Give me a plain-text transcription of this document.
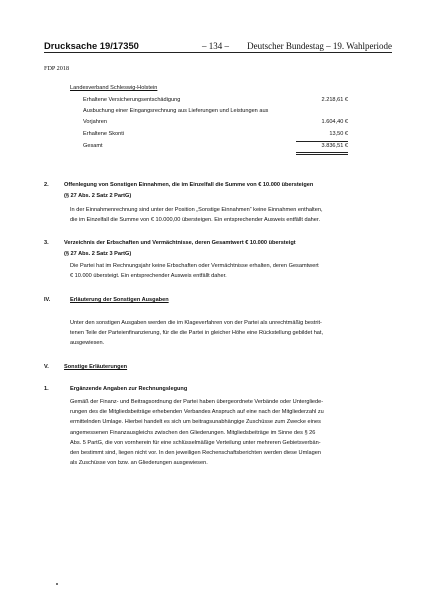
Drucksache 19/17350	– 134 – Deutscher Bundestag – 19. Wahlperiode
FDP 2018
Landesverband Schleswig-Holstein
Erhaltene Versicherungsentschädigung	2.218,61 €
Ausbuchung einer Eingangsrechnung aus Lieferungen und Leistungen aus
Vorjahren	1.604,40 €
Erhaltene Skonti	13,50 €
Gesamt	3.836,51 €
2.	Offenlegung von Sonstigen Einnahmen, die im Einzelfall die Summe von € 10.000 übersteigen
(§ 27 Abs. 2 Satz 2 PartG)
In der Einnahmenrechnung sind unter der Position „Sonstige Einnahmen“ keine Einnahmen enthalten,
die im Einzelfall die Summe von € 10.000,00 übersteigen. Ein entsprechender Ausweis entfällt daher.
3.	Verzeichnis der Erbschaften und Vermächtnisse, deren Gesamtwert € 10.000 übersteigt
(§ 27 Abs. 2 Satz 3 PartG)
Die Partei hat im Rechnungsjahr keine Erbschaften oder Vermächtnisse erhalten, deren Gesamtwert
€ 10.000 übersteigt. Ein entsprechender Ausweis entfällt daher.
IV.	Erläuterung der Sonstigen Ausgaben
Unter den sonstigen Ausgaben werden die im Klageverfahren von der Partei als unrechtmäßig bestrit-
tenen Teile der Parteienfinanzierung, für die die Partei in gleicher Höhe eine Rückstellung gebildet hat,
ausgewiesen.
V.	Sonstige Erläuterungen
1.	Ergänzende Angaben zur Rechnungslegung
Gemäß der Finanz- und Beitragsordnung der Partei haben übergeordnete Verbände oder Untergliede-
rungen des die Mitgliedsbeiträge erhebenden Verbandes Anspruch auf eine nach der Mitgliederzahl zu
ermittelnden Umlage. Hierbei handelt es sich um beitragsunabhängige Zuschüsse zum Zwecke eines
angemessenen Finanzausgleichs zwischen den Gliederungen. Mitgliedsbeiträge im Sinne des § 26
Abs. 5 PartG, die von vornherein für eine schlüsselmäßige Verteilung unter mehreren Gebietsverbän-
den bestimmt sind, liegen nicht vor. In den jeweiligen Rechenschaftsberichten werden diese Umlagen
als Zuschüsse von bzw. an Gliederungen ausgewiesen.
